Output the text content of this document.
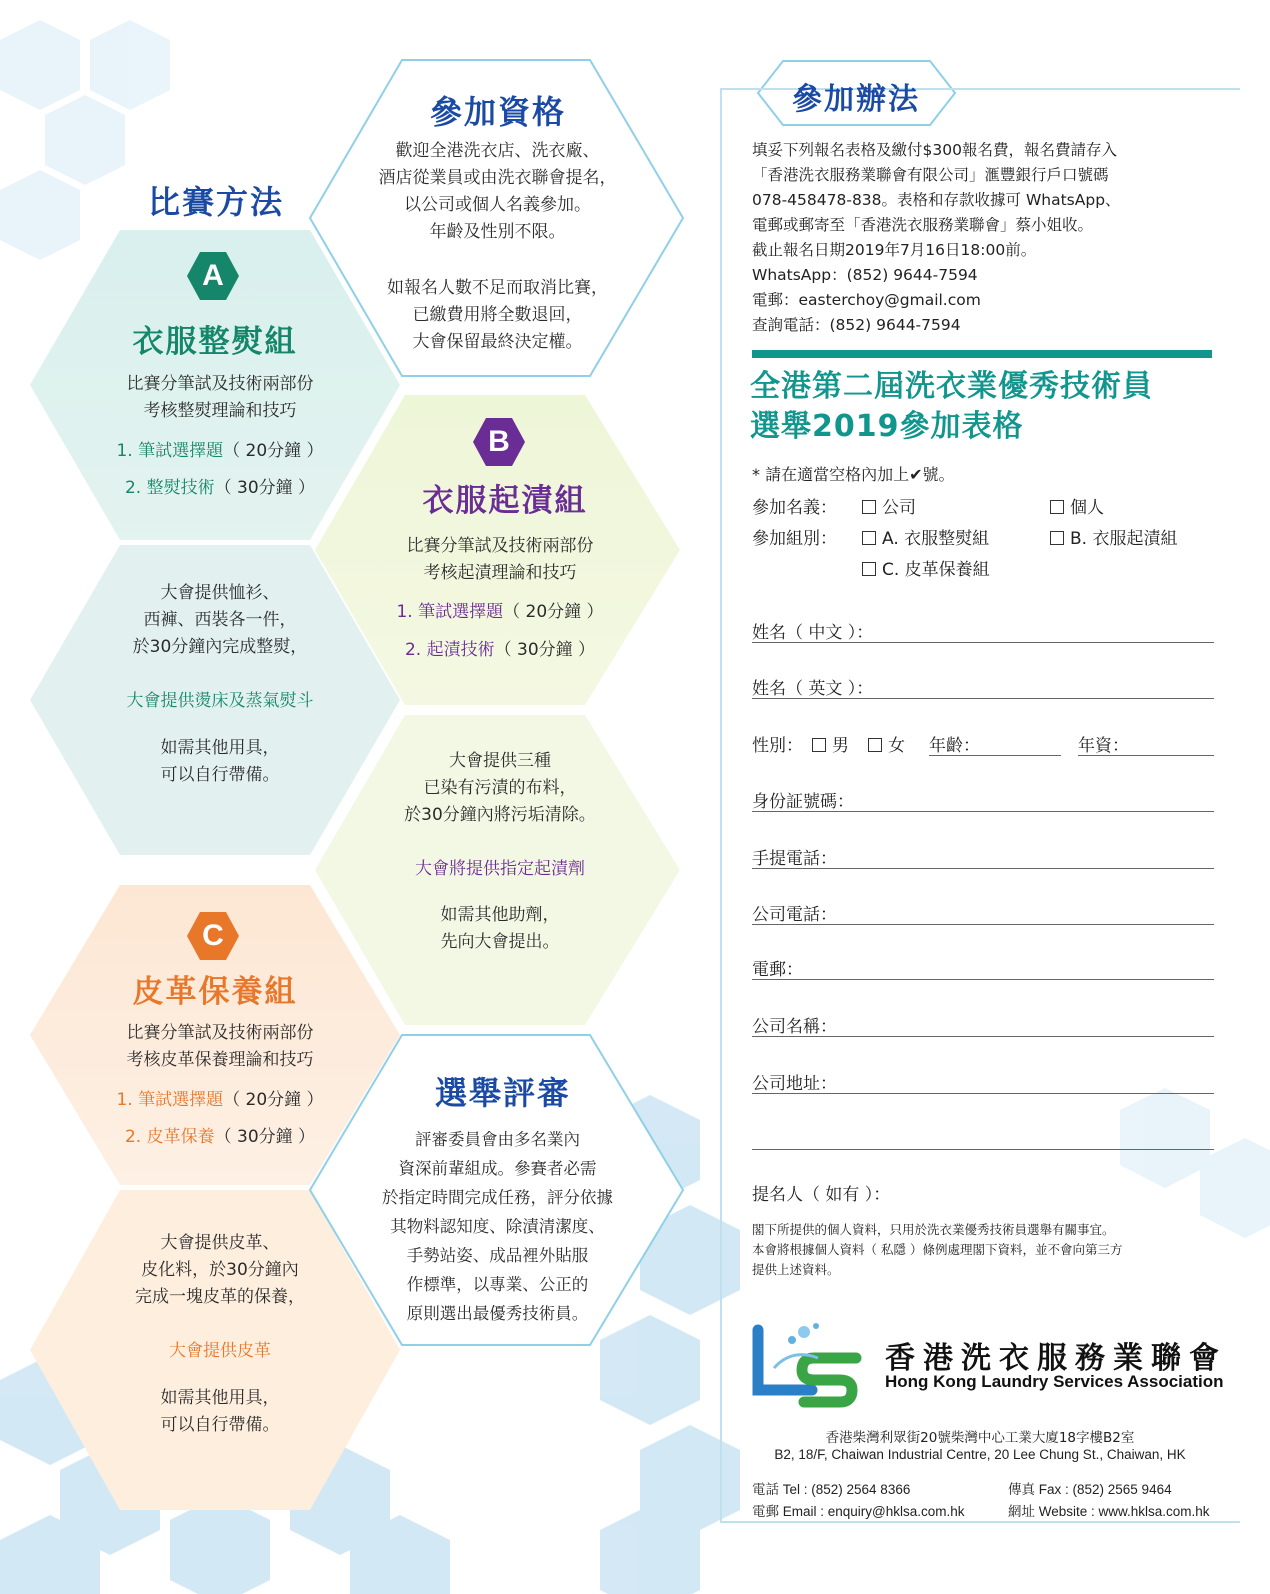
比賽方法
A
衣服整熨組
比賽分筆試及技術兩部份
考核整熨理論和技巧
1. 筆試選擇題（ 20分鐘 ）
2. 整熨技術（ 30分鐘 ）
大會提供恤衫、
西褲、西裝各一件，
於30分鐘內完成整熨，
大會提供燙床及蒸氣熨斗
如需其他用具，
可以自行帶備。
C
皮革保養組
比賽分筆試及技術兩部份
考核皮革保養理論和技巧
1. 筆試選擇題（ 20分鐘 ）
2. 皮革保養（ 30分鐘 ）
大會提供皮革、
皮化料，於30分鐘內
完成一塊皮革的保養，
大會提供皮革
如需其他用具，
可以自行帶備。
參加資格
歡迎全港洗衣店、洗衣廠、
酒店從業員或由洗衣聯會提名，
以公司或個人名義參加。
年齡及性別不限。
如報名人數不足而取消比賽，
已繳費用將全數退回，
大會保留最終決定權。
B
衣服起漬組
比賽分筆試及技術兩部份
考核起漬理論和技巧
1. 筆試選擇題（ 20分鐘 ）
2. 起漬技術（ 30分鐘 ）
大會提供三種
已染有污漬的布料，
於30分鐘內將污垢清除。
大會將提供指定起漬劑
如需其他助劑，
先向大會提出。
選舉評審
評審委員會由多名業內
資深前輩組成。參賽者必需
於指定時間完成任務，評分依據
其物料認知度、除漬清潔度、
手勢站姿、成品裡外貼服
作標準，以專業、公正的
原則選出最優秀技術員。
參加辦法
填妥下列報名表格及繳付$300報名費，報名費請存入
「香港洗衣服務業聯會有限公司」滙豐銀行戶口號碼
078-458478-838。表格和存款收據可 WhatsApp、
電郵或郵寄至「香港洗衣服務業聯會」蔡小姐收。
截止報名日期2019年7月16日18:00前。
WhatsApp：(852) 9644-7594
電郵：easterchoy@gmail.com
查詢電話：(852) 9644-7594
全港第二屆洗衣業優秀技術員
選舉2019參加表格
* 請在適當空格內加上✔號。
參加名義：	公司	個人
參加組別：	A. 衣服整熨組	B. 衣服起漬組
C. 皮革保養組
姓名（ 中文 ）：
姓名（ 英文 ）：
性別：	男	女 年齡：	年資：
身份証號碼：
手提電話：
公司電話：
電郵：
公司名稱：
公司地址：
提名人（ 如有 ）：
閣下所提供的個人資料，只用於洗衣業優秀技術員選舉有關事宜。
本會將根據個人資料（ 私隱 ）條例處理閣下資料，並不會向第三方
提供上述資料。
香港洗衣服務業聯會
Hong Kong Laundry Services Association
香港柴灣利眾街20號柴灣中心工業大廈18字樓B2室
B2, 18/F, Chaiwan Industrial Centre, 20 Lee Chung St., Chaiwan, HK
電話 Tel : (852) 2564 8366	傳真 Fax : (852) 2565 9464
電郵 Email : enquiry@hklsa.com.hk	網址 Website : www.hklsa.com.hk
